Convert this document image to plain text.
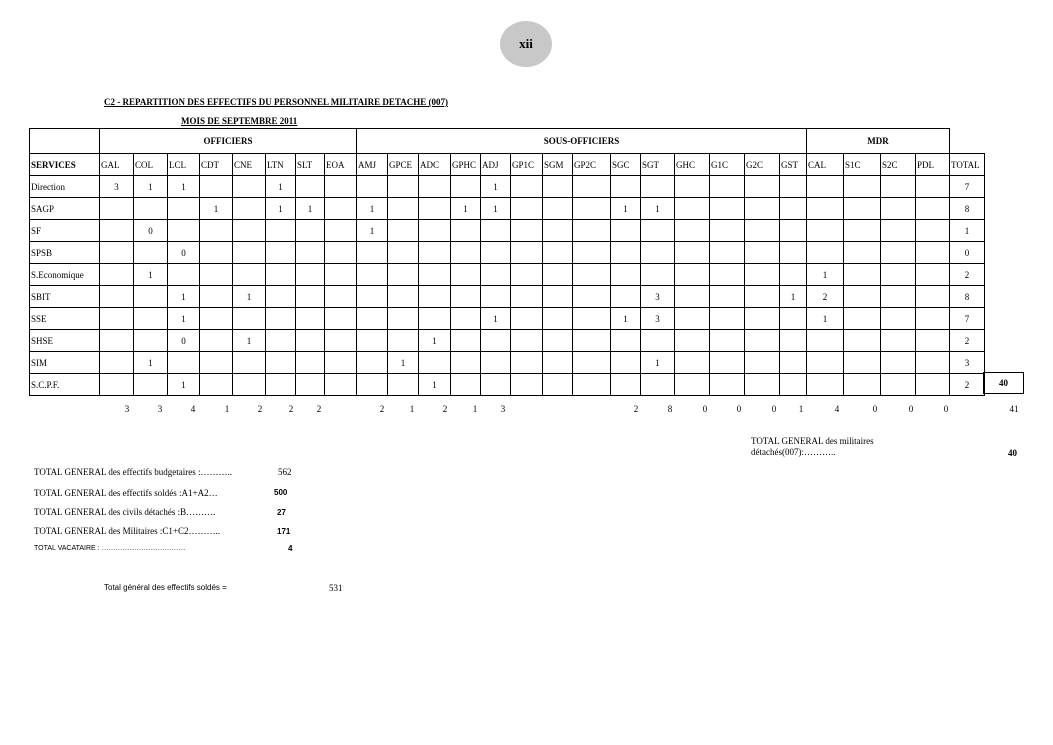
xii
C2 - REPARTITION DES EFFECTIFS DU PERSONNEL MILITAIRE DETACHE (007)
MOIS DE SEPTEMBRE 2011
	OFFICIERS								SOUS-OFFICIERS														MDR				
SERVICES	GAL	COL	LCL	CDT	CNE	LTN	SLT	EOA	AMJ	GPCE	ADC	GPHC	ADJ	GP1C	SGM	GP2C	SGC	SGT	GHC	G1C	G2C	GST	CAL	S1C	S2C	PDL	TOTAL
Direction	3	1	1			1							1														7
SAGP				1		1	1		1			1	1				1	1									8
SF		0							1																		1
SPSB			0																								0
S.Economique		1																					1				2
SBIT			1		1													3				1	2				8
SSE			1										1				1	3					1				7
SHSE			0		1						1																2
SIM		1								1								1									3
S.C.P.F.			1								1																2	40
3	3	4	1	2	2	2	2	1	2	1	3	2	8	0	0	0	1	4	0	0	0	41
TOTAL GENERAL des militaires détachés(007):………..	40
TOTAL GENERAL des effectifs budgetaires :………..	562
TOTAL GENERAL des effectifs soldés :A1+A2…	500
TOTAL GENERAL des civils détachés :B……….	27
TOTAL GENERAL des Militaires :C1+C2………..	171
TOTAL VACATAIRE : ………………………………	4
Total général des effectifs soldés =	531
